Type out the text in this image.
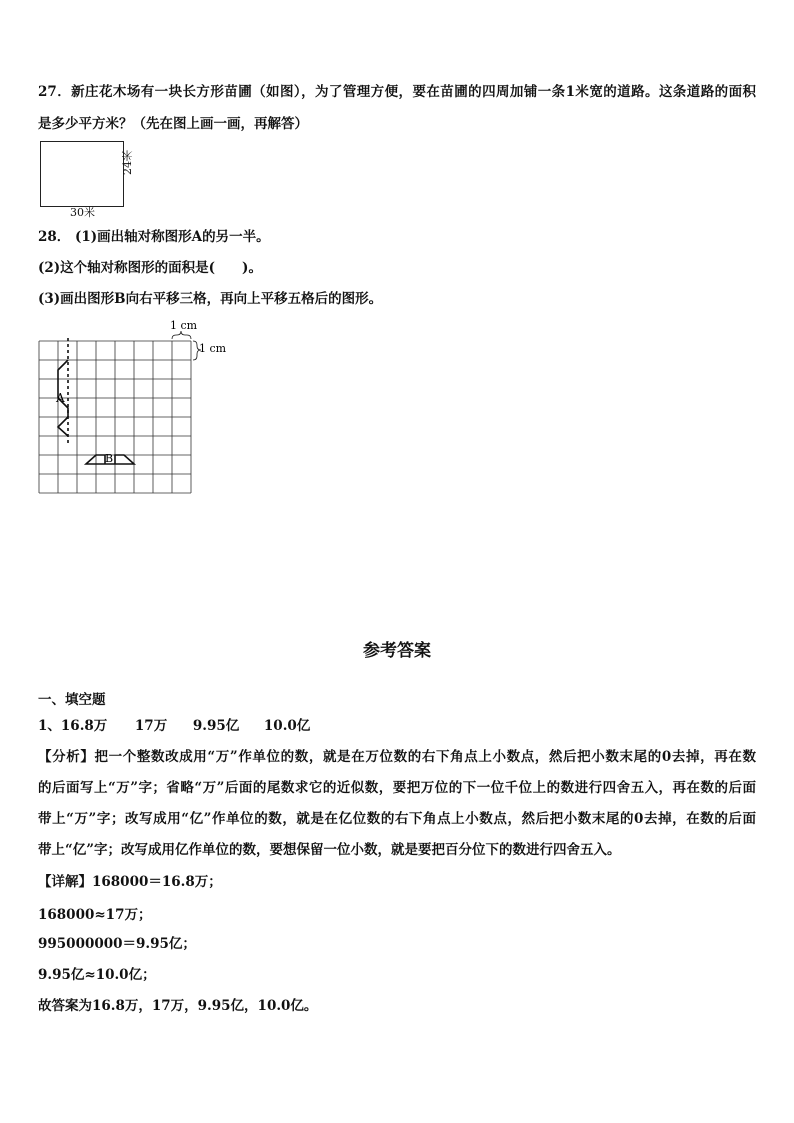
27．新庄花木场有一块长方形苗圃（如图），为了管理方便，要在苗圃的四周加铺一条1米宽的道路。这条道路的面积
是多少平方米？（先在图上画一画，再解答）
24米
30米
28． (1)画出轴对称图形A的另一半。
(2)这个轴对称图形的面积是(　　)。
(3)画出图形B向右平移三格，再向上平移五格后的图形。
A
B
1 cm
1 cm
参考答案
一、填空题
1、16.8万 17万 9.95亿 10.0亿
【分析】把一个整数改成用“万”作单位的数，就是在万位数的右下角点上小数点，然后把小数末尾的0去掉，再在数
的后面写上“万”字；省略“万”后面的尾数求它的近似数，要把万位的下一位千位上的数进行四舍五入，再在数的后面
带上“万”字；改写成用“亿”作单位的数，就是在亿位数的右下角点上小数点，然后把小数末尾的0去掉，在数的后面
带上“亿”字；改写成用亿作单位的数，要想保留一位小数，就是要把百分位下的数进行四舍五入。
【详解】168000＝16.8万；
168000≈17万；
995000000＝9.95亿；
9.95亿≈10.0亿；
故答案为16.8万，17万，9.95亿，10.0亿。
